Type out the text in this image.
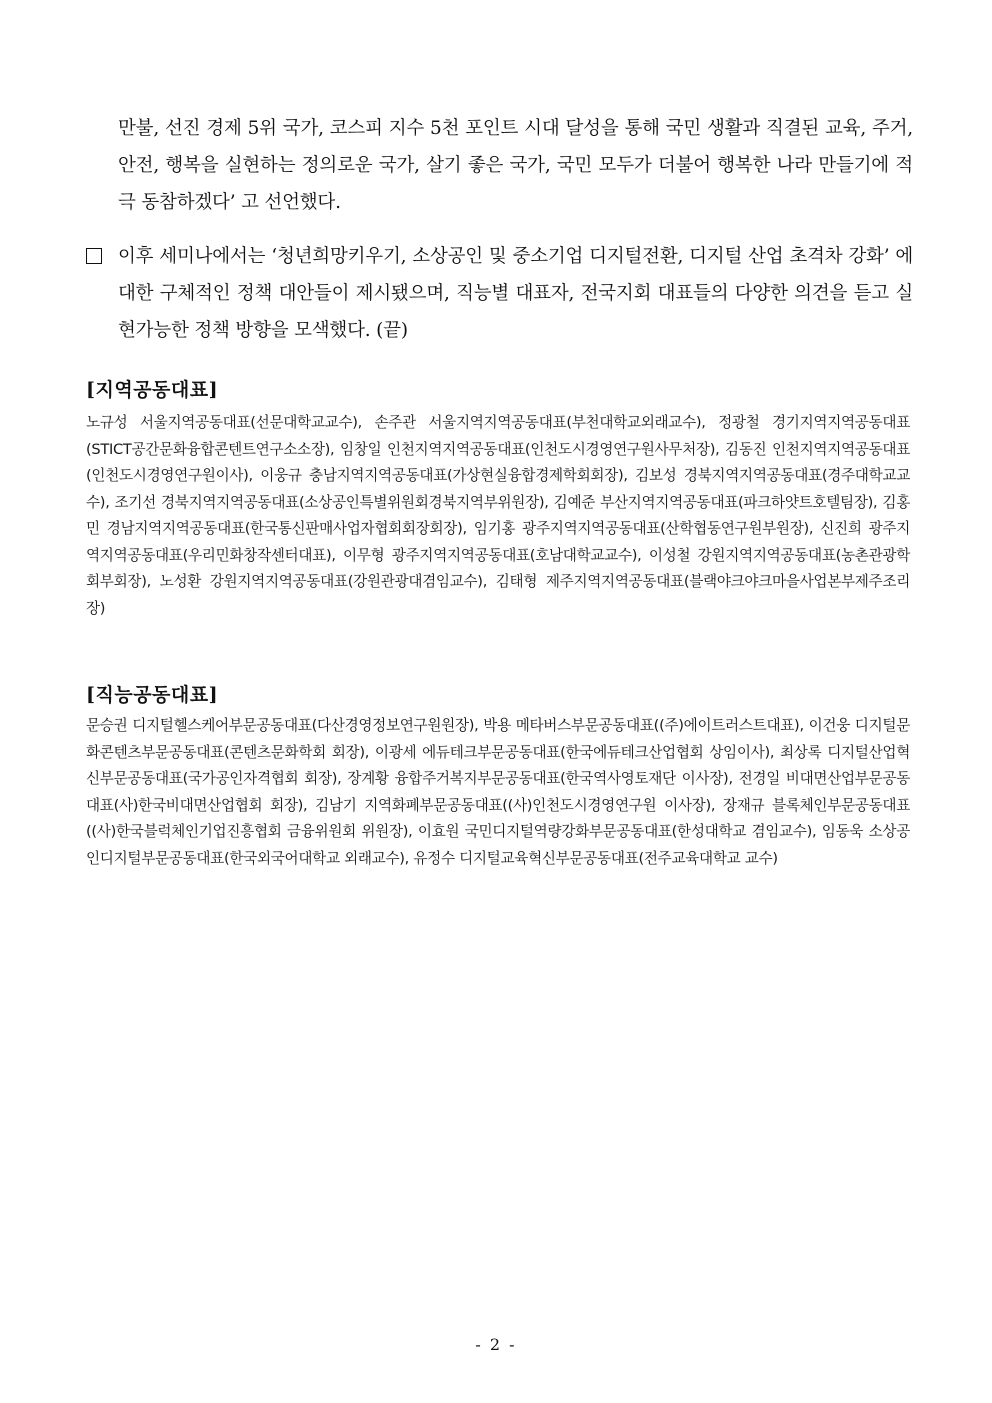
만불, 선진 경제 5위 국가, 코스피 지수 5천 포인트 시대 달성을 통해 국민 생활과 직결된 교육, 주거, 안전, 행복을 실현하는 정의로운 국가, 살기 좋은 국가, 국민 모두가 더불어 행복한 나라 만들기에 적극 동참하겠다’ 고 선언했다.
이후 세미나에서는 ‘청년희망키우기, 소상공인 및 중소기업 디지털전환, 디지털 산업 초격차 강화’ 에 대한 구체적인 정책 대안들이 제시됐으며, 직능별 대표자, 전국지회 대표들의 다양한 의견을 듣고 실현가능한 정책 방향을 모색했다. (끝)
[지역공동대표]
노규성 서울지역공동대표(선문대학교교수), 손주관 서울지역지역공동대표(부천대학교외래교수), 정광철 경기지역지역공동대표(STICT공간문화융합콘텐트연구소소장), 임창일 인천지역지역공동대표(인천도시경영연구원사무처장), 김동진 인천지역지역공동대표(인천도시경영연구원이사), 이웅규 충남지역지역공동대표(가상현실융합경제학회회장), 김보성 경북지역지역공동대표(경주대학교교수), 조기선 경북지역지역공동대표(소상공인특별위원회경북지역부위원장), 김예준 부산지역지역공동대표(파크하얏트호텔팀장), 김홍민 경남지역지역공동대표(한국통신판매사업자협회회장회장), 임기홍 광주지역지역공동대표(산학협동연구원부원장), 신진희 광주지역지역공동대표(우리민화창작센터대표), 이무형 광주지역지역공동대표(호남대학교교수), 이성철 강원지역지역공동대표(농촌관광학회부회장), 노성환 강원지역지역공동대표(강원관광대겸임교수), 김태형 제주지역지역공동대표(블랙야크야크마을사업본부제주조리장)
[직능공동대표]
문승권 디지털헬스케어부문공동대표(다산경영정보연구원원장), 박용 메타버스부문공동대표((주)에이트러스트대표), 이건웅 디지털문화콘텐츠부문공동대표(콘텐츠문화학회 회장), 이광세 에듀테크부문공동대표(한국에듀테크산업협회 상임이사), 최상록 디지털산업혁신부문공동대표(국가공인자격협회 회장), 장계황 융합주거복지부문공동대표(한국역사영토재단 이사장), 전경일 비대면산업부문공동대표(사)한국비대면산업협회 회장), 김남기 지역화폐부문공동대표((사)인천도시경영연구원 이사장), 장재규 블록체인부문공동대표((사)한국블럭체인기업진흥협회 금융위원회 위원장), 이효원 국민디지털역량강화부문공동대표(한성대학교 겸임교수), 임동욱 소상공인디지털부문공동대표(한국외국어대학교 외래교수), 유정수 디지털교육혁신부문공동대표(전주교육대학교 교수)
- 2 -
